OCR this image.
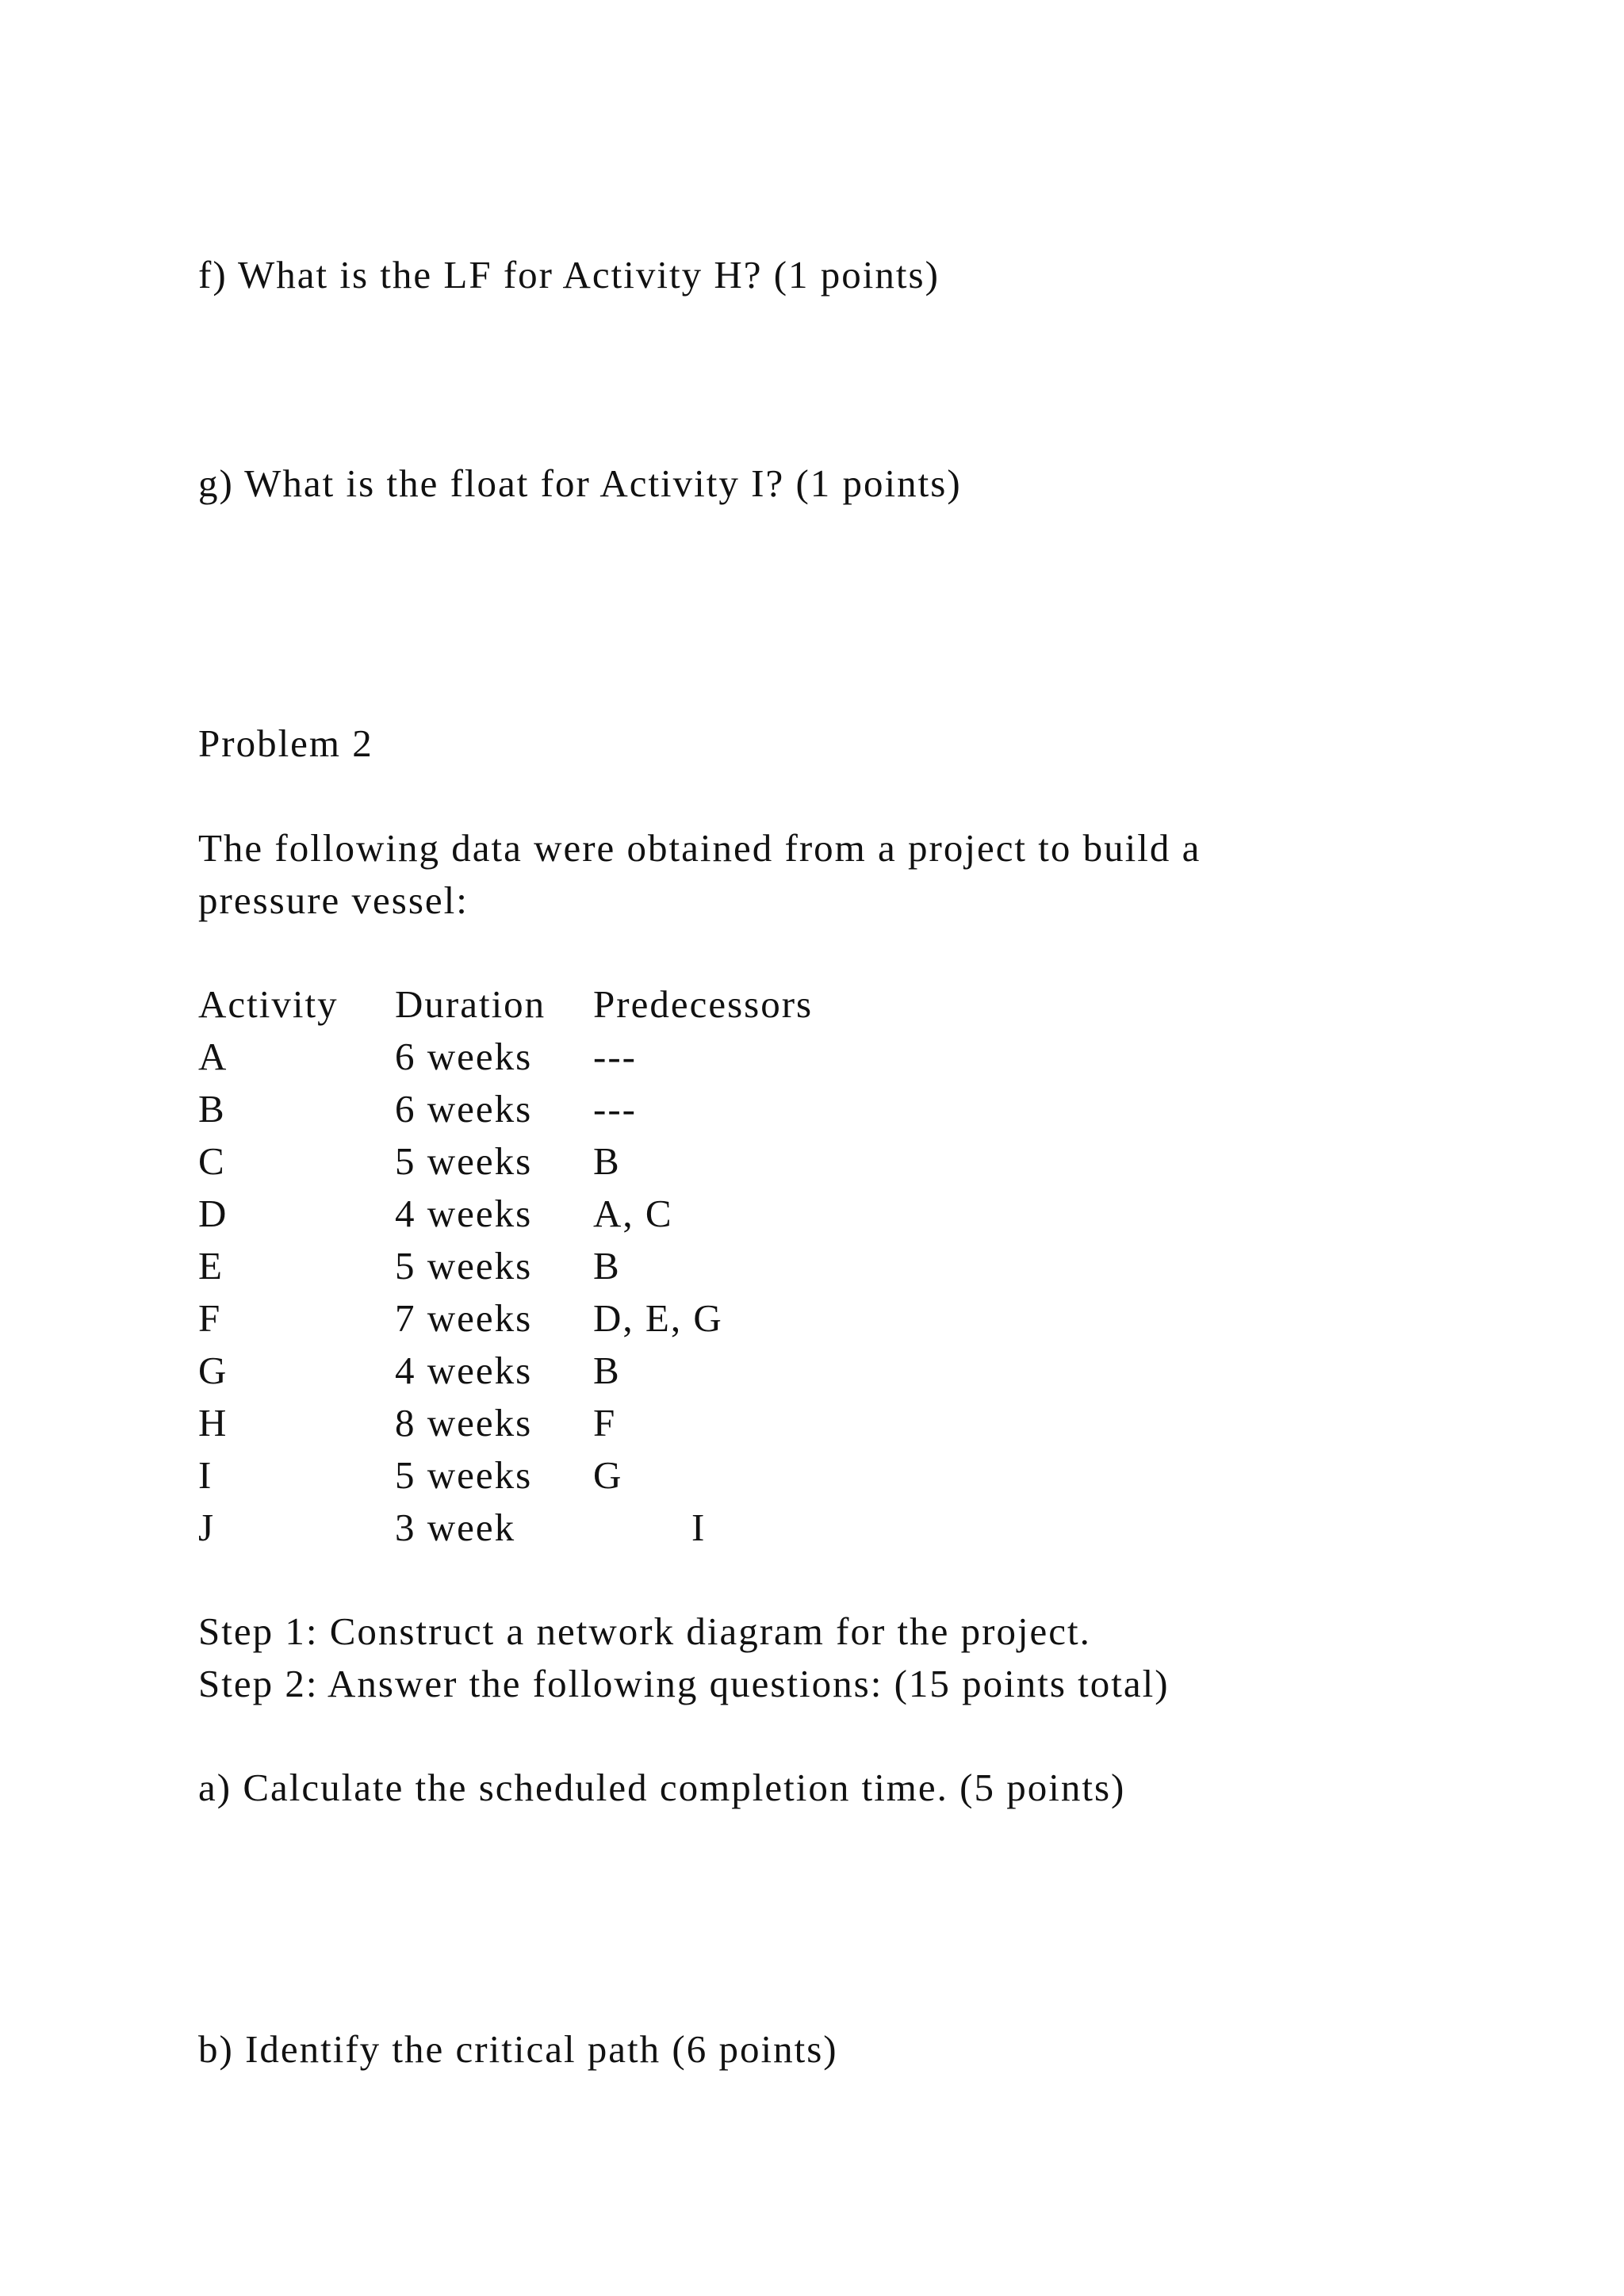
f) What is the LF for Activity H? (1 points)
g) What is the float for Activity I? (1 points)
Problem 2
The following data were obtained from a project to build a
pressure vessel:
Activity Duration Predecessors
A	6 weeks ---
B	6 weeks ---
C	5 weeks B
D	4 weeks A, C
E	5 weeks B
F	7 weeks D, E, G
G	4 weeks B
H	8 weeks F
I	5 weeks G
J	3 week	I
Step 1: Construct a network diagram for the project.
Step 2: Answer the following questions: (15 points total)
a) Calculate the scheduled completion time. (5 points)
b) Identify the critical path (6 points)
